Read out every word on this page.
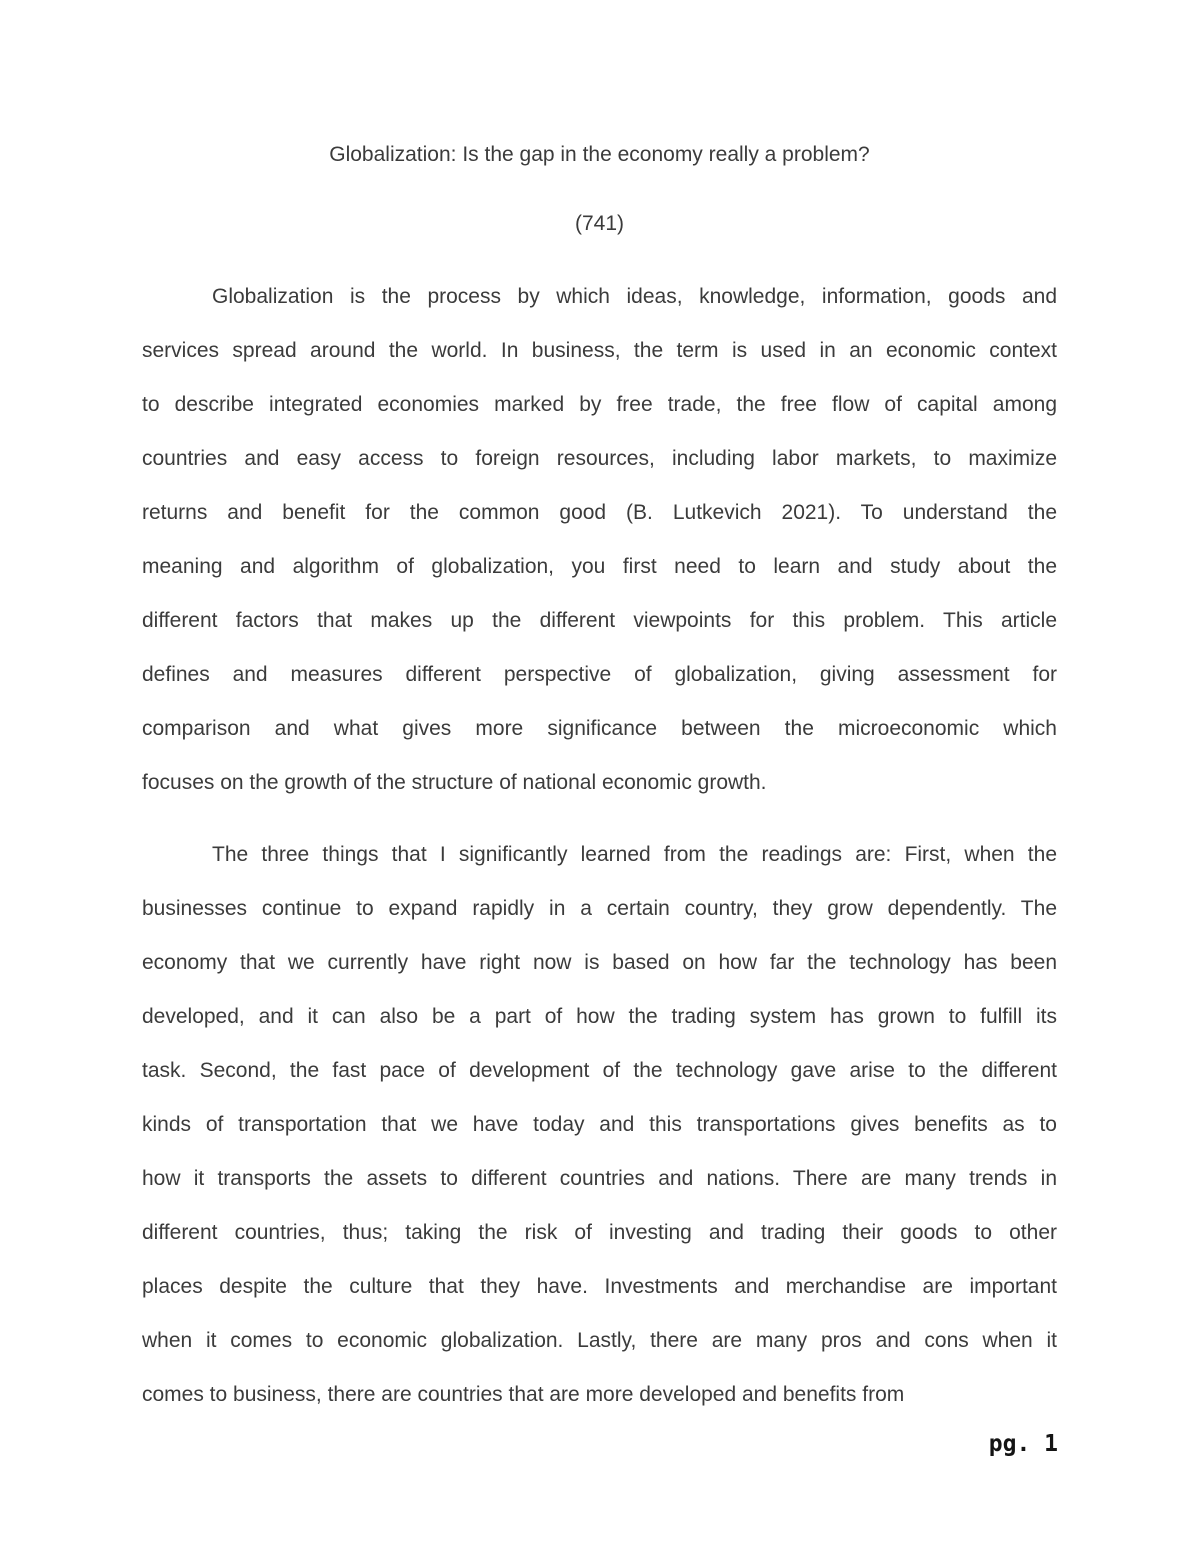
Globalization: Is the gap in the economy really a problem?
(741)

Globalization is the process by which ideas, knowledge, information, goods and
services spread around the world. In business, the term is used in an economic context
to describe integrated economies marked by free trade, the free flow of capital among
countries and easy access to foreign resources, including labor markets, to maximize
returns and benefit for the common good (B. Lutkevich 2021). To understand the
meaning and algorithm of globalization, you first need to learn and study about the
different factors that makes up the different viewpoints for this problem. This article
defines and measures different perspective of globalization, giving assessment for
comparison and what gives more significance between the microeconomic which
focuses on the growth of the structure of national economic growth.

The three things that I significantly learned from the readings are: First, when the
businesses continue to expand rapidly in a certain country, they grow dependently. The
economy that we currently have right now is based on how far the technology has been
developed, and it can also be a part of how the trading system has grown to fulfill its
task. Second, the fast pace of development of the technology gave arise to the different
kinds of transportation that we have today and this transportations gives benefits as to
how it transports the assets to different countries and nations. There are many trends in
different countries, thus; taking the risk of investing and trading their goods to other
places despite the culture that they have. Investments and merchandise are important
when it comes to economic globalization. Lastly, there are many pros and cons when it
comes to business, there are countries that are more developed and benefits from

pg. 1
